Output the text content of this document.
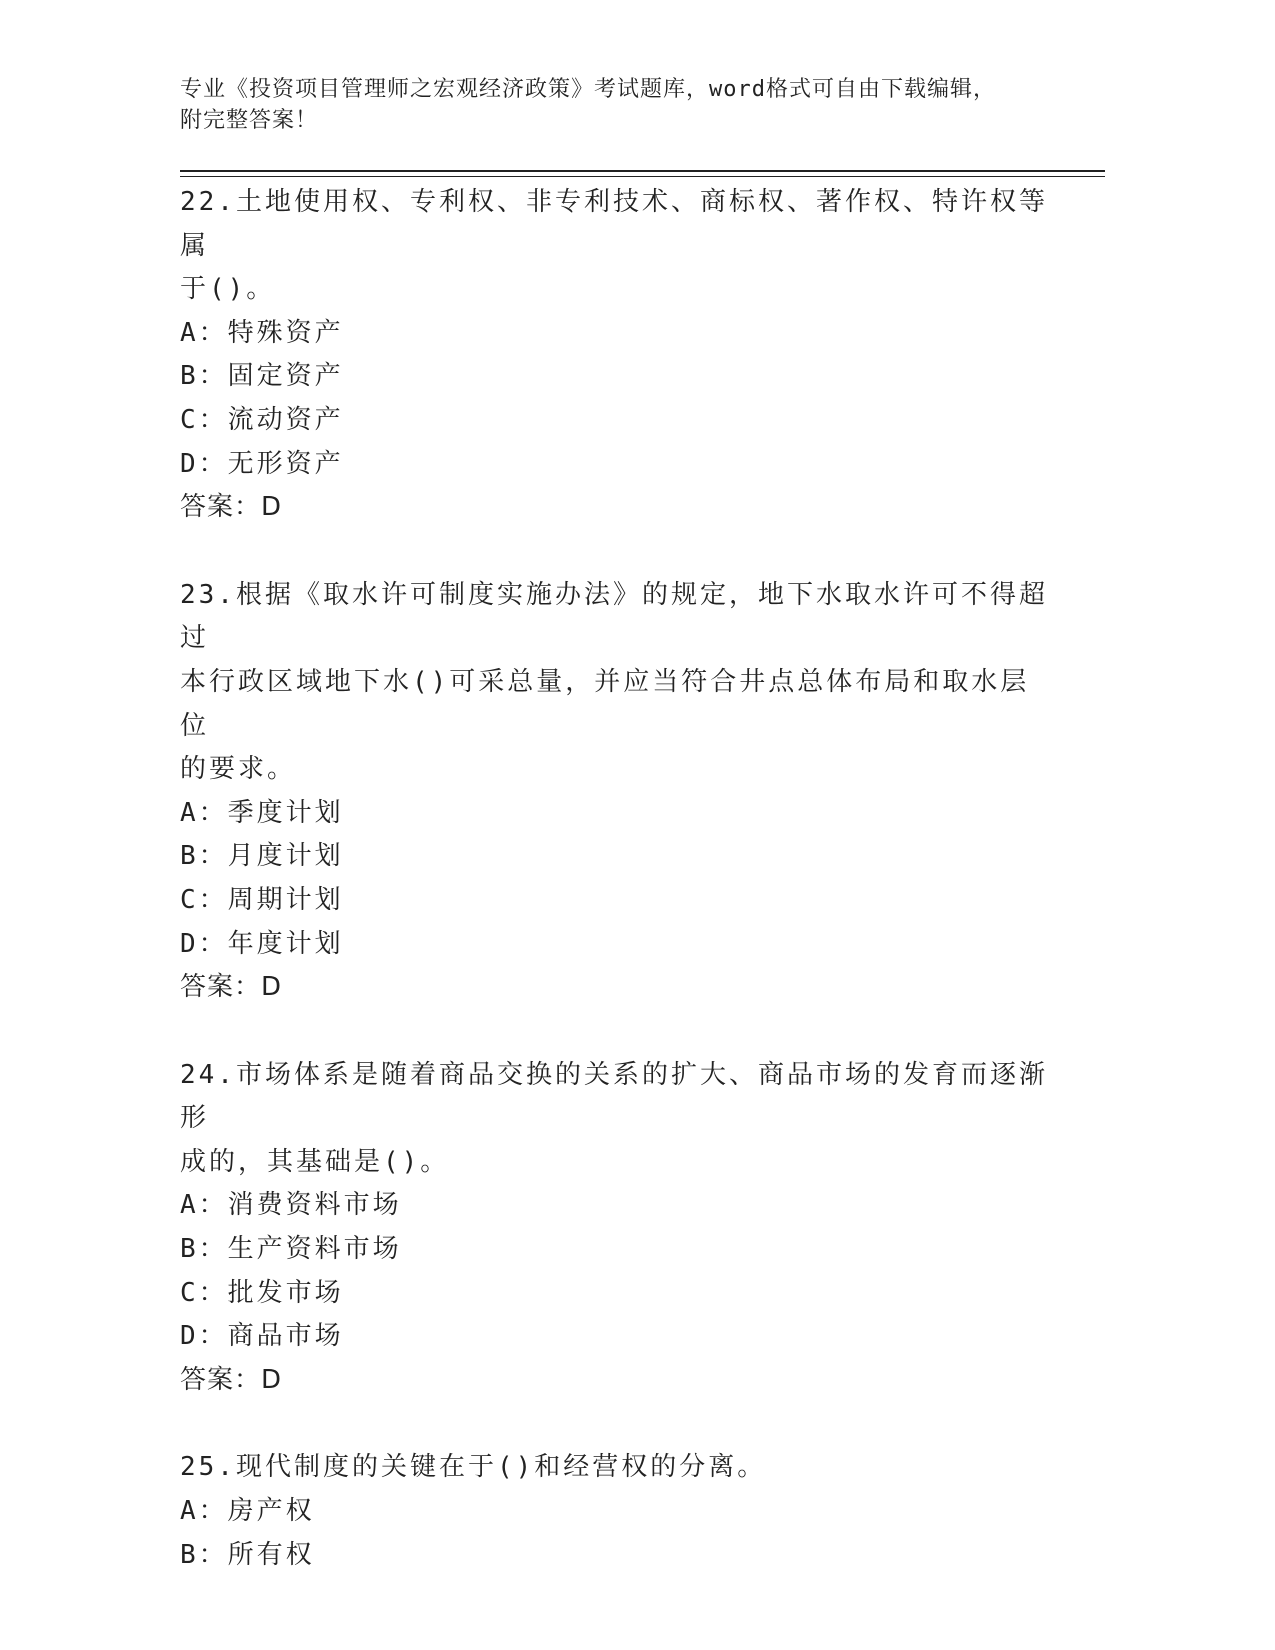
专业《投资项目管理师之宏观经济政策》考试题库，word格式可自由下载编辑，
附完整答案！
22.土地使用权、专利权、非专利技术、商标权、著作权、特许权等属
于()。
A：特殊资产
B：固定资产
C：流动资产
D：无形资产
答案：D
23.根据《取水许可制度实施办法》的规定，地下水取水许可不得超过
本行政区域地下水()可采总量，并应当符合井点总体布局和取水层位
的要求。
A：季度计划
B：月度计划
C：周期计划
D：年度计划
答案：D
24.市场体系是随着商品交换的关系的扩大、商品市场的发育而逐渐形
成的，其基础是()。
A：消费资料市场
B：生产资料市场
C：批发市场
D：商品市场
答案：D
25.现代制度的关键在于()和经营权的分离。
A：房产权
B：所有权
